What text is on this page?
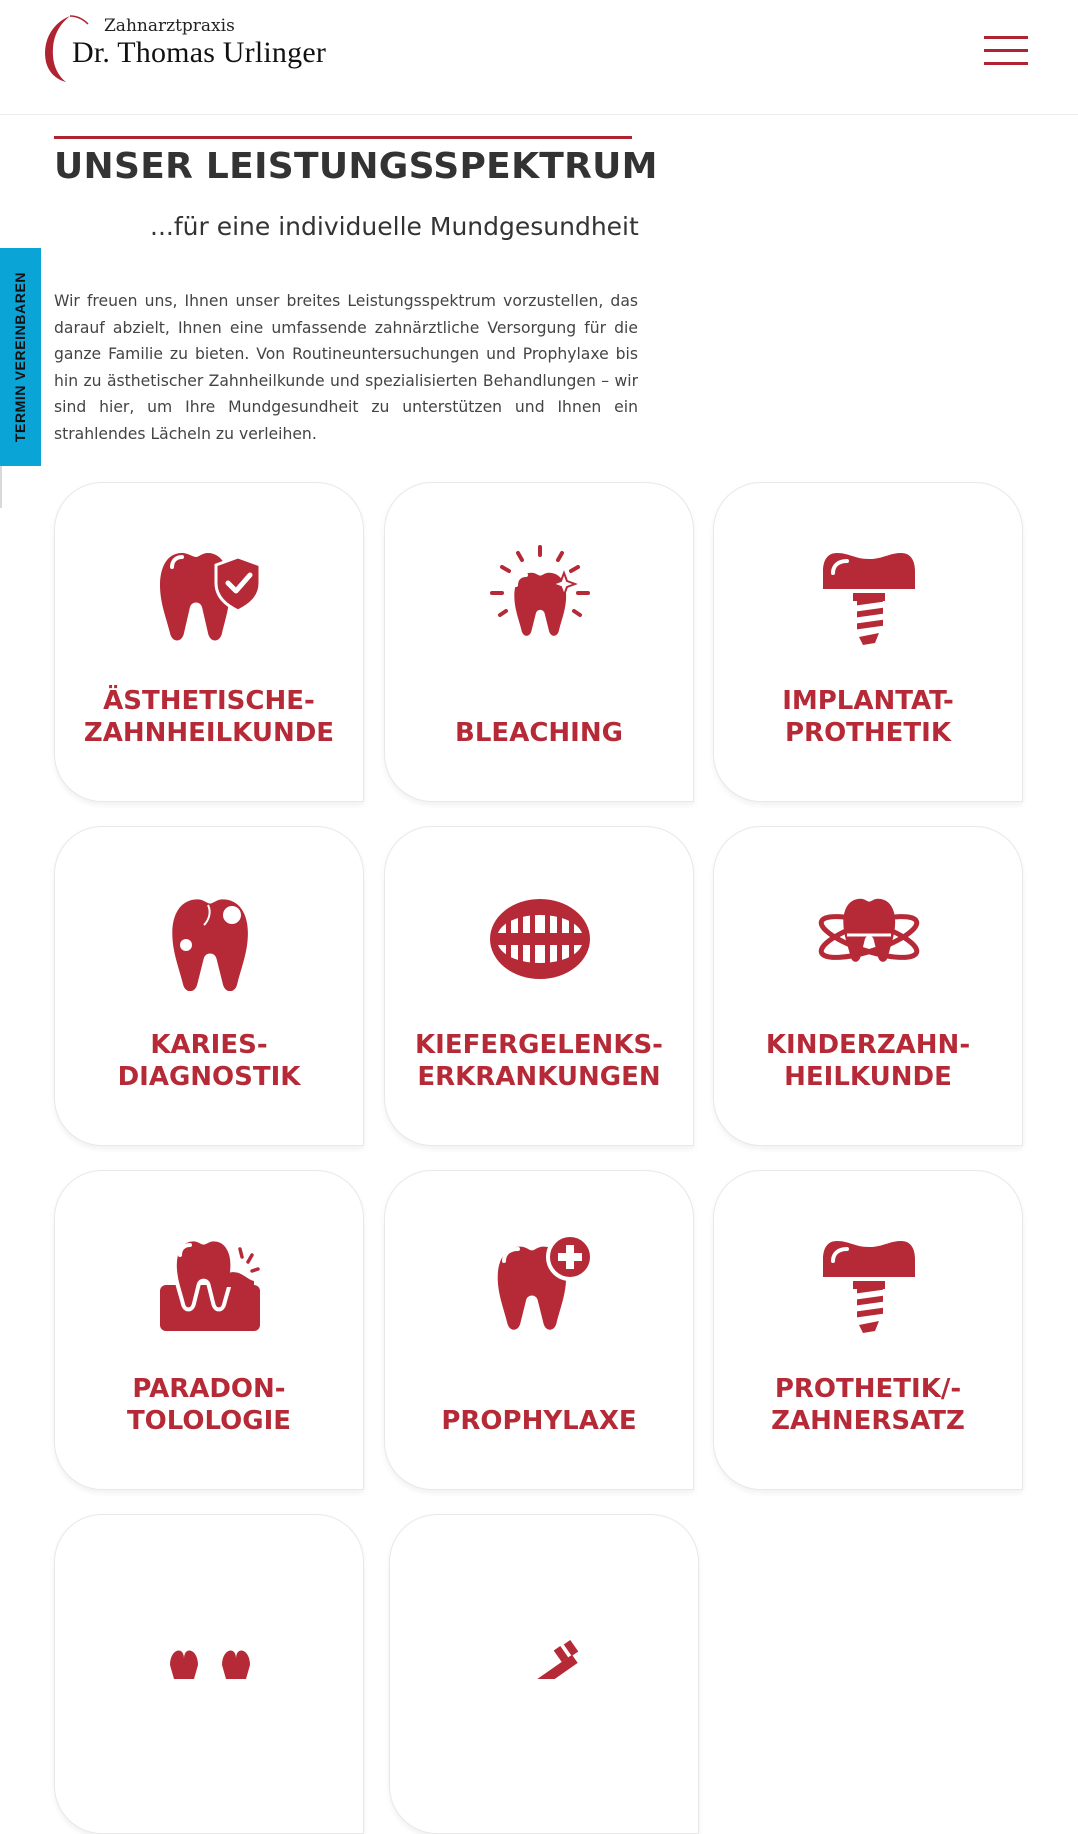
Zahnarztpraxis
Dr. Thomas Urlinger
TERMIN VEREINBAREN
UNSER LEISTUNGSSPEKTRUM
...für eine individuelle Mundgesundheit
Wir freuen uns, Ihnen unser breites Leistungsspektrum vorzustellen, das darauf abzielt, Ihnen eine umfassende zahnärztliche Versorgung für die ganze Familie zu bieten. Von Routineuntersuchungen und Prophylaxe bis hin zu ästhetischer Zahnheilkunde und spezialisierten Behandlungen – wir sind hier, um Ihre Mundgesundheit zu unterstützen und Ihnen ein strahlendes Lächeln zu verleihen.
ÄSTHETISCHE-
ZAHNHEILKUNDE	BLEACHING
IMPLANTAT-
PROTHETIK
KARIES-
DIAGNOSTIK
KIEFERGELENKS-
ERKRANKUNGEN
KINDERZAHN-
HEILKUNDE
PARADON-
TOLOLOGIE	PROPHYLAXE
PROTHETIK/-
ZAHNERSATZ
